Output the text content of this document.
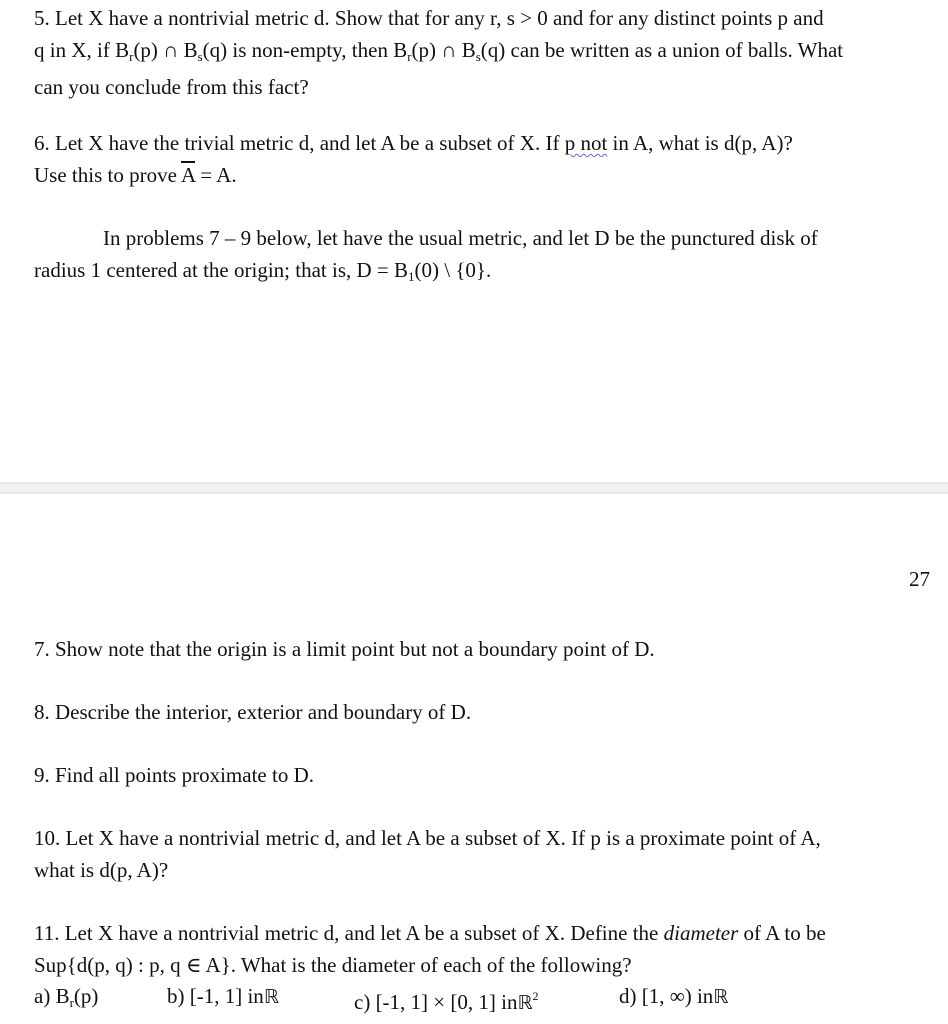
5. Let X have a nontrivial metric d. Show that for any r, s > 0 and for any distinct points p and
q in X, if $B_r(p)$ ∩ $B_s(q)$ is non-empty, then $B_r(p)$ ∩ $B_s(q)$ can be written as a union of balls. What
can you conclude from this fact?

6. Let X have the trivial metric d, and let A be a subset of X. If p not in A, what is d(p, A)?
Use this to prove $\overline{A} = A$.

In problems 7 – 9 below, let have the usual metric, and let D be the punctured disk of
radius 1 centered at the origin; that is, $D = B_1(0)$ \ {0}.

27

7. Show note that the origin is a limit point but not a boundary point of D.

8. Describe the interior, exterior and boundary of D.

9. Find all points proximate to D.

10. Let X have a nontrivial metric d, and let A be a subset of X. If p is a proximate point of A,
what is d(p, A)?

11. Let X have a nontrivial metric d, and let A be a subset of X. Define the diameter of A to be
Sup{d(p, q) : p, q ∈ A}. What is the diameter of each of the following?

a) Br(p)	b) [-1, 1] inℝ	c) [-1, 1] × [0, 1] inℝ2	d) [1, ∞) inℝ
